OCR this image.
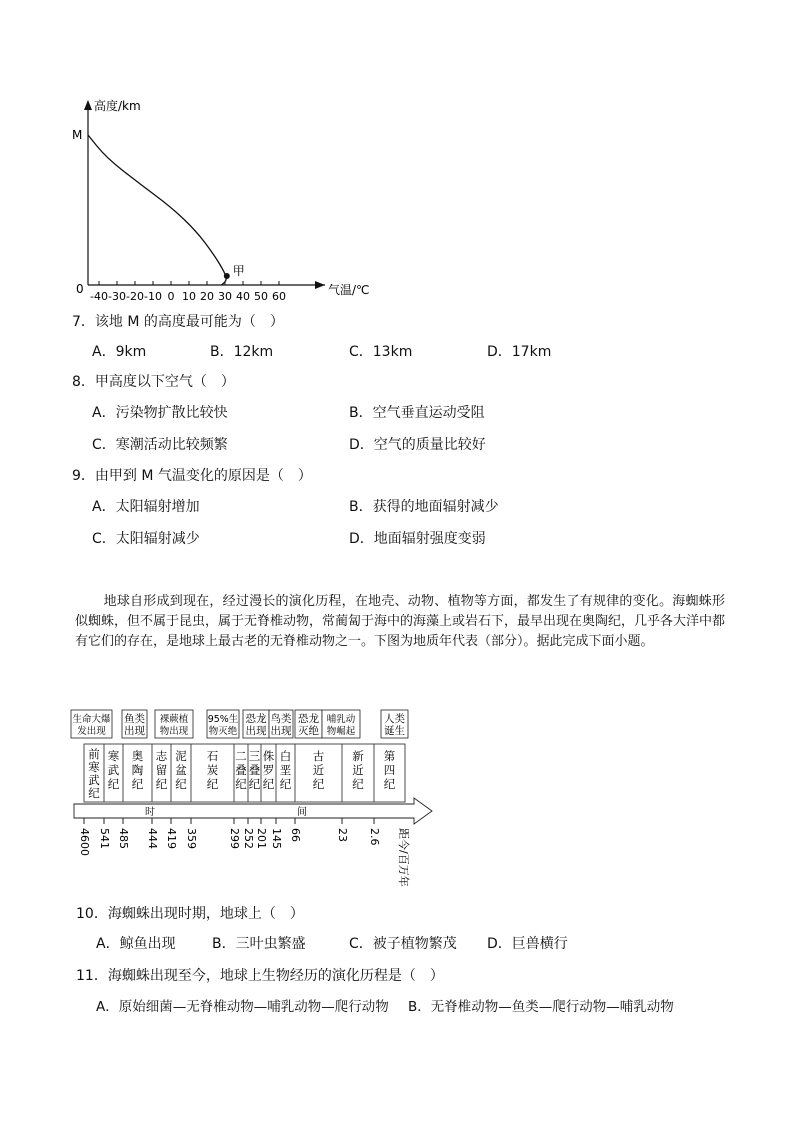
高度/km
气温/℃
0
-40 -30 -20 -10 0 10 20 30 40 50 60
甲
M
7．该地 M 的高度最可能为（　）
A．9km	B．12km	C．13km	D．17km
8．甲高度以下空气（　）
A．污染物扩散比较快	B．空气垂直运动受阻
C．寒潮活动比较频繁	D．空气的质量比较好
9．由甲到 M 气温变化的原因是（　）
A．太阳辐射增加	B．获得的地面辐射减少
C．太阳辐射减少	D．地面辐射强度变弱
地球自形成到现在，经过漫长的演化历程，在地壳、动物、植物等方面，都发生了有规律的变化。海蜘蛛形似蜘蛛，但不属于昆虫，属于无脊椎动物，常蔺匐于海中的海藻上或岩石下，最早出现在奥陶纪，几乎各大洋中都有它们的存在，是地球上最古老的无脊椎动物之一。下图为地质年代表（部分）。据此完成下面小题。
前寒武纪
寒武纪
奥陶纪
志留纪
泥盆纪
石炭纪
二叠纪
三叠纪
侏罗纪
白垩纪
古近纪
新近纪
第四纪
生命大爆发出现
鱼类出现
裸蕨植物出现
95%生物灭绝
恐龙出现
鸟类出现
恐龙灭绝
哺乳动物崛起
人类诞生
时	间
4600 541 485 444 419 359	299 252 201 145 66	23 2.6 距今/百万年
10．海蜘蛛出现时期，地球上（　）
A．鲸鱼出现	B．三叶虫繁盛	C．被子植物繁茂 D．巨兽横行
11．海蜘蛛出现至今，地球上生物经历的演化历程是（　）
A．原始细菌—无脊椎动物—哺乳动物—爬行动物 B．无脊椎动物—鱼类—爬行动物—哺乳动物
